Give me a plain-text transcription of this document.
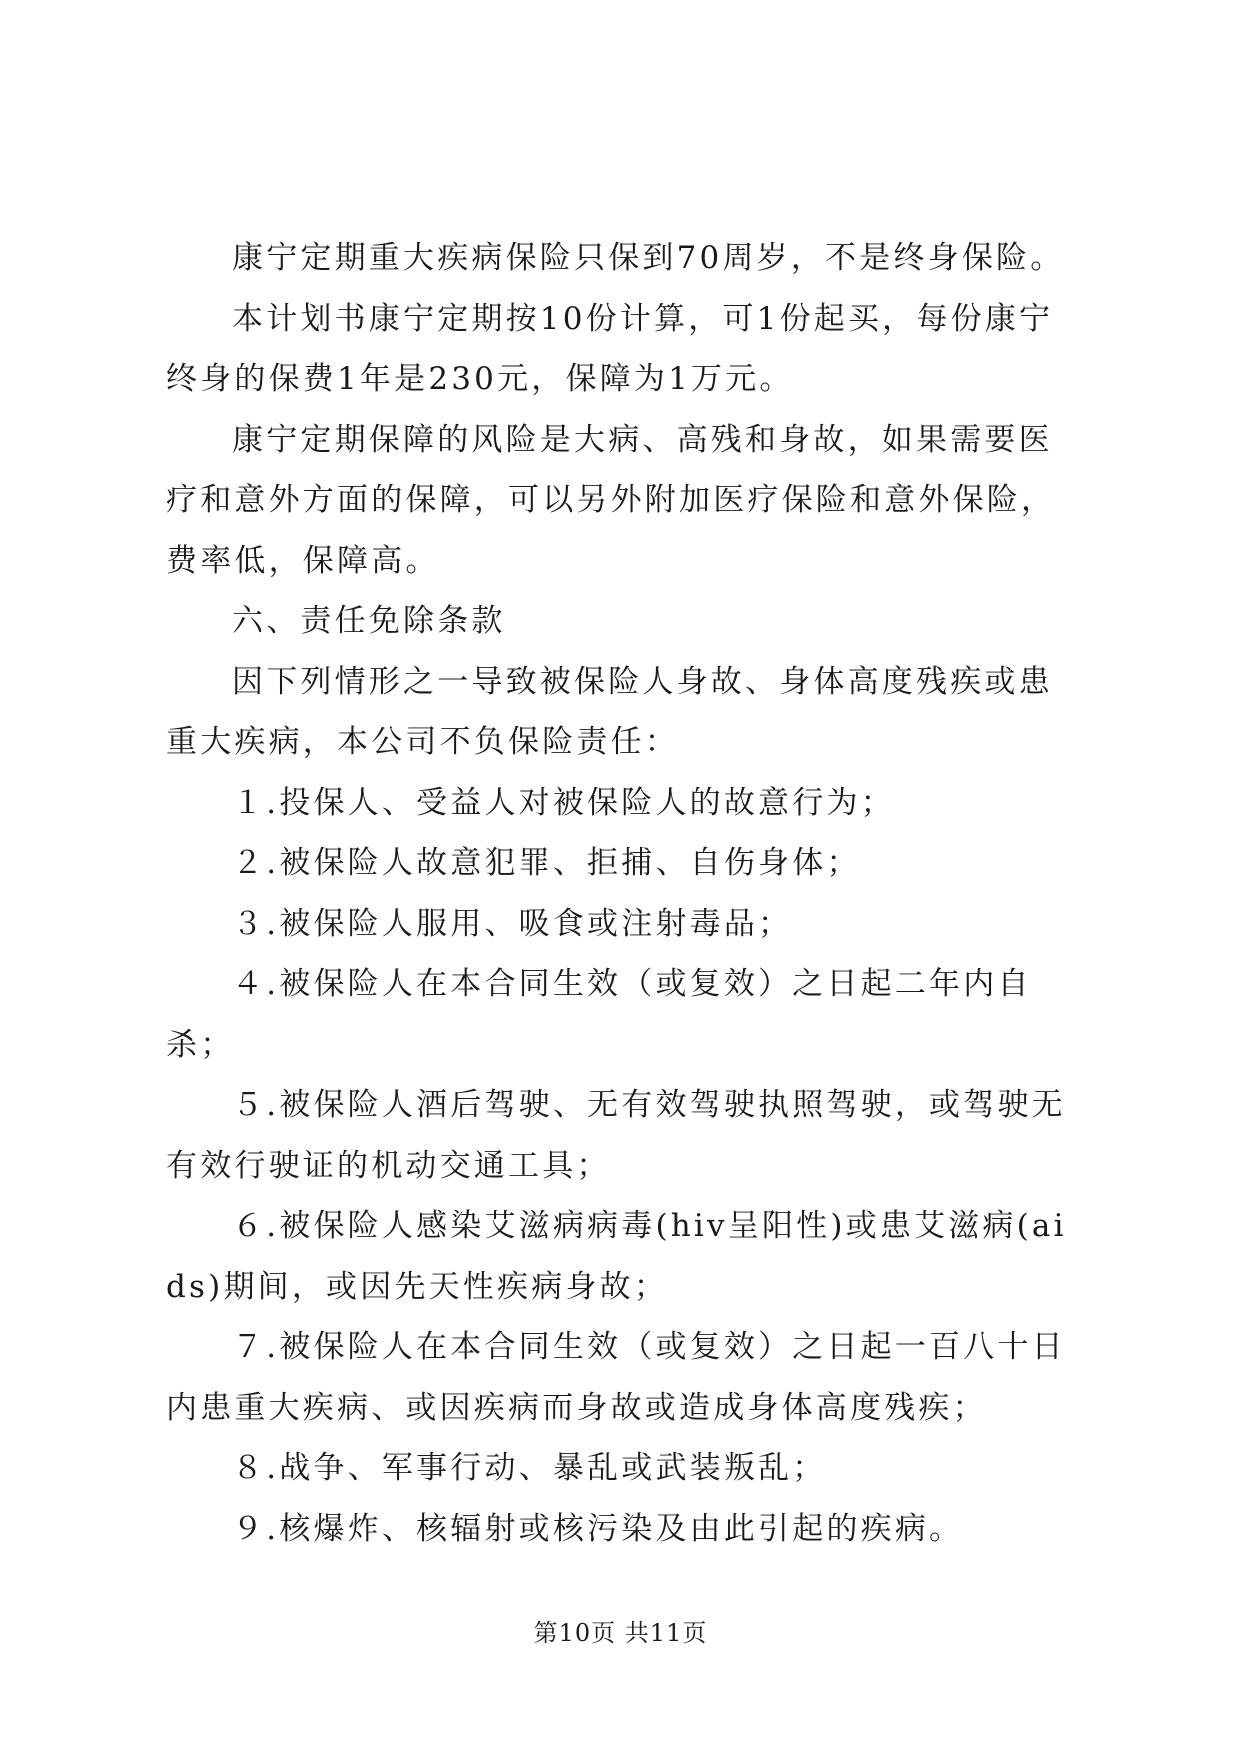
康宁定期重大疾病保险只保到70周岁，不是终身保险。

本计划书康宁定期按10份计算，可1份起买，每份康宁终身的保费1年是230元，保障为1万元。

康宁定期保障的风险是大病、高残和身故，如果需要医疗和意外方面的保障，可以另外附加医疗保险和意外保险，费率低，保障高。

六、责任免除条款

因下列情形之一导致被保险人身故、身体高度残疾或患重大疾病，本公司不负保险责任：

１.投保人、受益人对被保险人的故意行为；

２.被保险人故意犯罪、拒捕、自伤身体；

３.被保险人服用、吸食或注射毒品；

４.被保险人在本合同生效（或复效）之日起二年内自杀；

５.被保险人酒后驾驶、无有效驾驶执照驾驶，或驾驶无有效行驶证的机动交通工具；

６.被保险人感染艾滋病病毒(hiv呈阳性)或患艾滋病(aids)期间，或因先天性疾病身故；

７.被保险人在本合同生效（或复效）之日起一百八十日内患重大疾病、或因疾病而身故或造成身体高度残疾；

８.战争、军事行动、暴乱或武装叛乱；

９.核爆炸、核辐射或核污染及由此引起的疾病。

第10页 共11页
